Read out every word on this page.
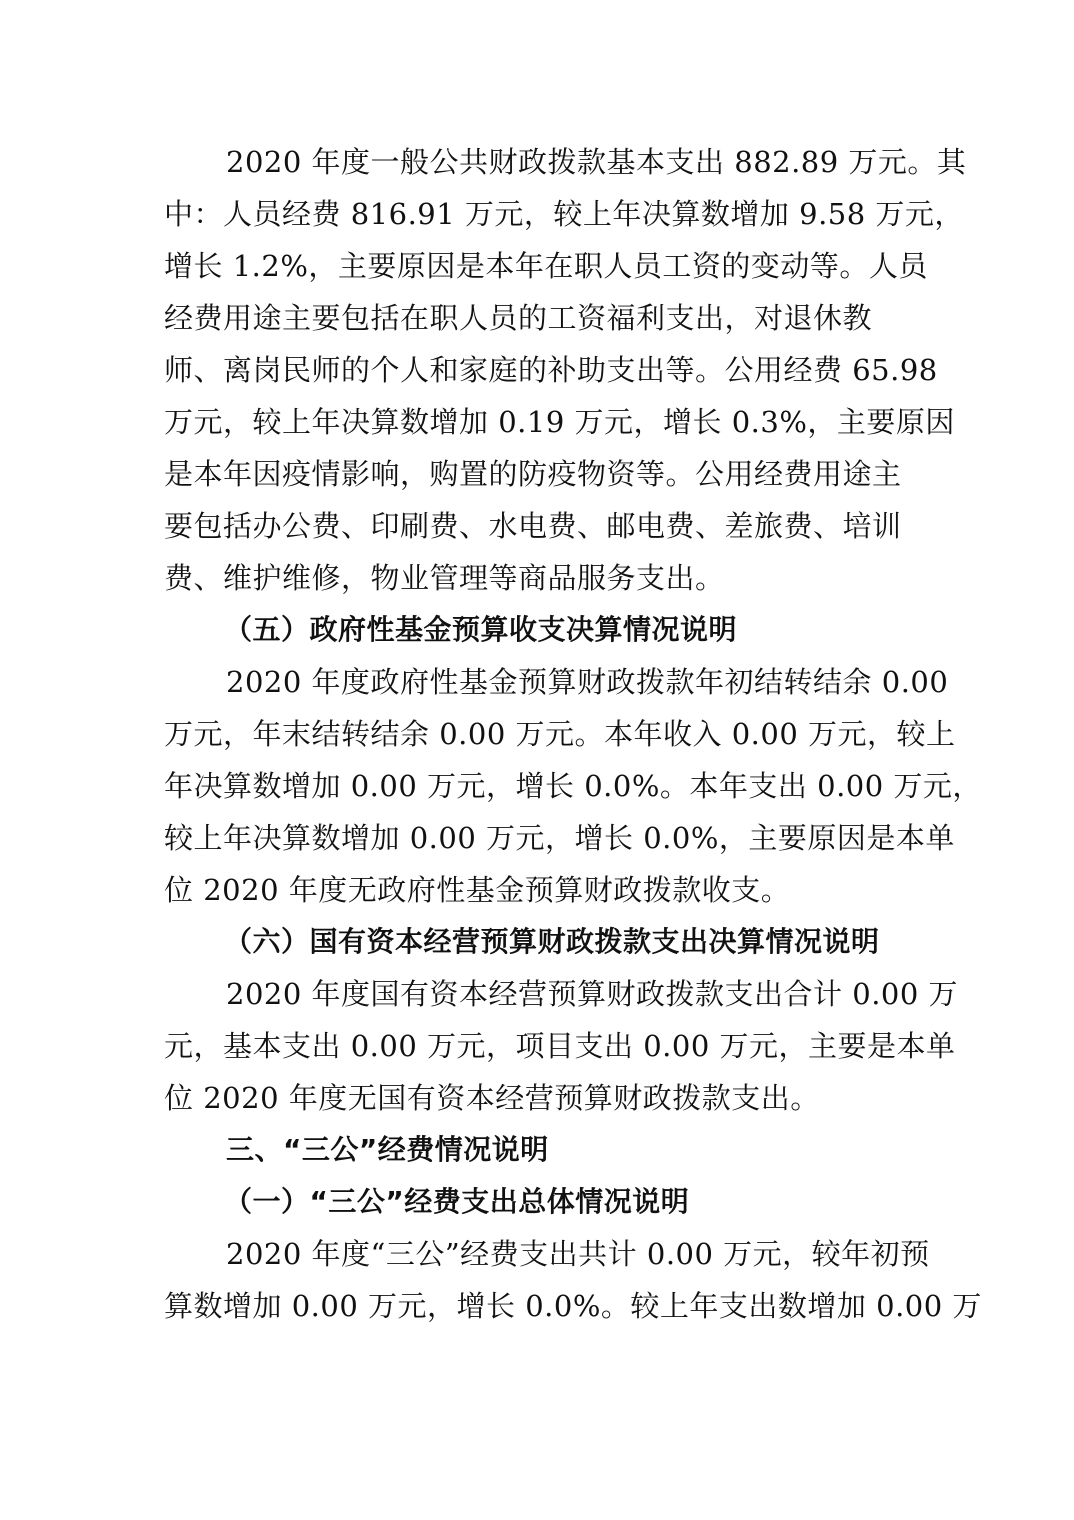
2020 年度一般公共财政拨款基本支出 882.89 万元。其
中：人员经费 816.91 万元，较上年决算数增加 9.58 万元，
增长 1.2%，主要原因是本年在职人员工资的变动等。人员
经费用途主要包括在职人员的工资福利支出，对退休教
师、离岗民师的个人和家庭的补助支出等。公用经费 65.98
万元，较上年决算数增加 0.19 万元，增长 0.3%，主要原因
是本年因疫情影响，购置的防疫物资等。公用经费用途主
要包括办公费、印刷费、水电费、邮电费、差旅费、培训
费、维护维修，物业管理等商品服务支出。
（五）政府性基金预算收支决算情况说明
2020 年度政府性基金预算财政拨款年初结转结余 0.00
万元，年末结转结余 0.00 万元。本年收入 0.00 万元，较上
年决算数增加 0.00 万元，增长 0.0%。本年支出 0.00 万元，
较上年决算数增加 0.00 万元，增长 0.0%，主要原因是本单
位 2020 年度无政府性基金预算财政拨款收支。
（六）国有资本经营预算财政拨款支出决算情况说明
2020 年度国有资本经营预算财政拨款支出合计 0.00 万
元，基本支出 0.00 万元，项目支出 0.00 万元，主要是本单
位 2020 年度无国有资本经营预算财政拨款支出。
三、“三公”经费情况说明
（一）“三公”经费支出总体情况说明
2020 年度“三公”经费支出共计 0.00 万元，较年初预
算数增加 0.00 万元，增长 0.0%。较上年支出数增加 0.00 万
